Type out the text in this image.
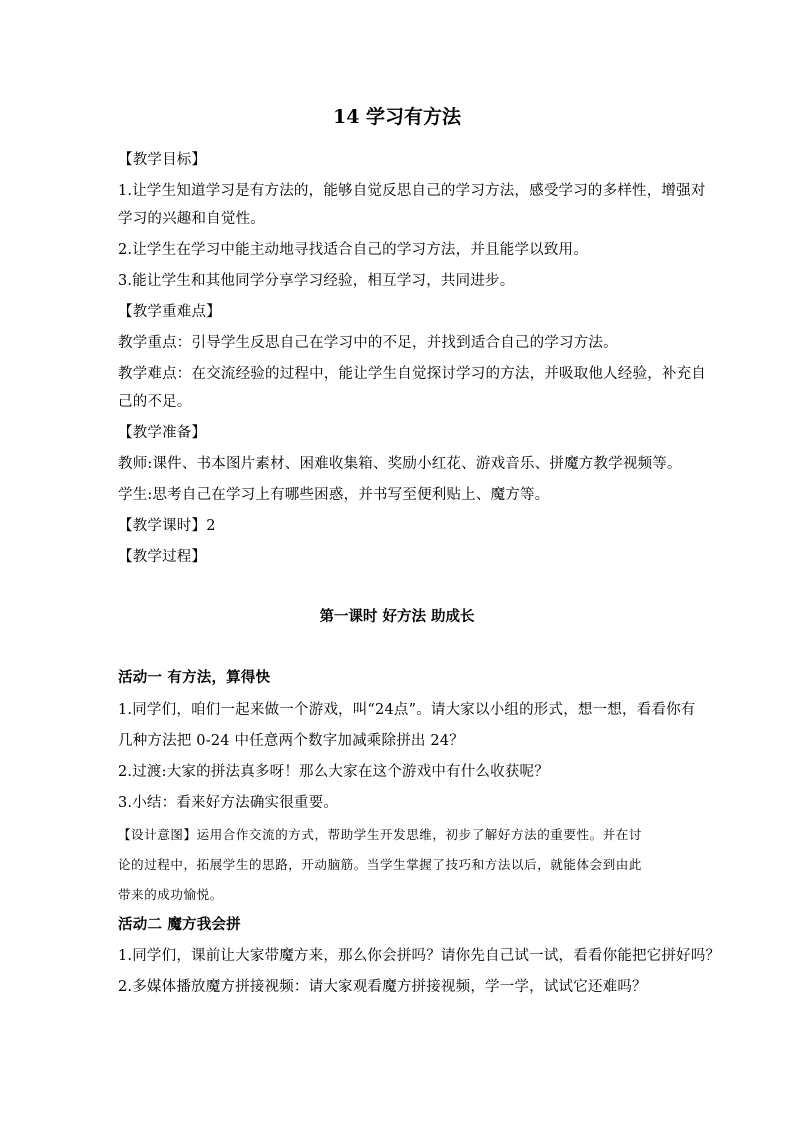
14 学习有方法
【教学目标】
1.让学生知道学习是有方法的，能够自觉反思自己的学习方法，感受学习的多样性，增强对
学习的兴趣和自觉性。
2.让学生在学习中能主动地寻找适合自己的学习方法，并且能学以致用。
3.能让学生和其他同学分享学习经验，相互学习，共同进步。
【教学重难点】
教学重点：引导学生反思自己在学习中的不足，并找到适合自己的学习方法。
教学难点：在交流经验的过程中，能让学生自觉探讨学习的方法，并吸取他人经验，补充自
己的不足。
【教学准备】
教师:课件、书本图片素材、困难收集箱、奖励小红花、游戏音乐、拼魔方教学视频等。
学生:思考自己在学习上有哪些困惑，并书写至便利贴上、魔方等。
【教学课时】2
【教学过程】
第一课时 好方法 助成长
活动一 有方法，算得快
1.同学们，咱们一起来做一个游戏，叫“24点”。请大家以小组的形式，想一想，看看你有
几种方法把 0-24 中任意两个数字加减乘除拼出 24？
2.过渡:大家的拼法真多呀！那么大家在这个游戏中有什么收获呢？
3.小结：看来好方法确实很重要。
【设计意图】运用合作交流的方式，帮助学生开发思维，初步了解好方法的重要性。并在讨
论的过程中，拓展学生的思路，开动脑筋。当学生掌握了技巧和方法以后，就能体会到由此
带来的成功愉悦。
活动二 魔方我会拼
1.同学们，课前让大家带魔方来，那么你会拼吗？请你先自己试一试，看看你能把它拼好吗？
2.多媒体播放魔方拼接视频：请大家观看魔方拼接视频，学一学，试试它还难吗？
